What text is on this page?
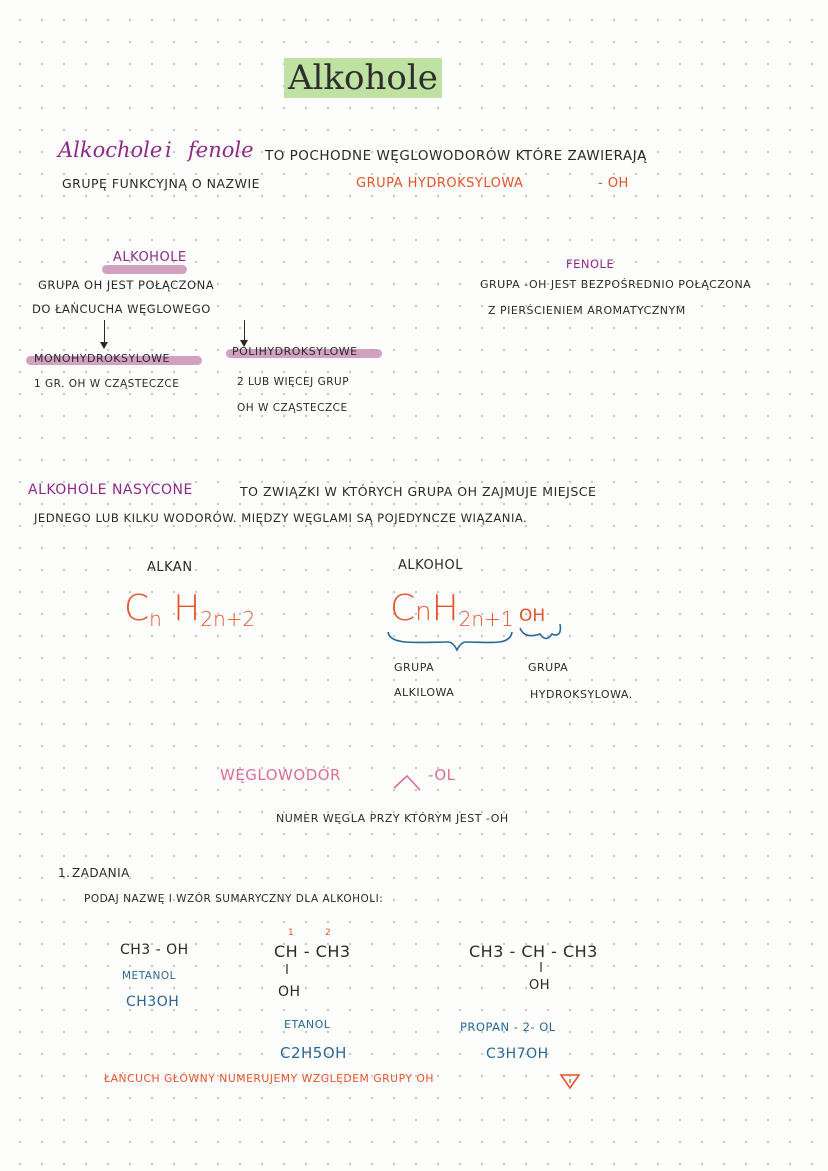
Alkohole
Alkochole i fenole TO POCHODNE WĘGLOWODORÓW KTÓRE ZAWIERAJĄ
GRUPĘ FUNKCYJNĄ O NAZWIE	GRUPA HYDROKSYLOWA	- OH
ALKOHOLE
GRUPA OH JEST POŁĄCZONA
DO ŁAŃCUCHA WĘGLOWEGO
MONOHYDROKSYLOWE
POLIHYDROKSYLOWE
1 GR. OH W CZĄSTECZCE	2 LUB WIĘCEJ GRUP
OH W CZĄSTECZCE
FENOLE
GRUPA -OH JEST BEZPOŚREDNIO POŁĄCZONA
Z PIERŚCIENIEM AROMATYCZNYM
ALKOHOLE NASYCONE	TO ZWIĄZKI W KTÓRYCH GRUPA OH ZAJMUJE MIEJSCE
JEDNEGO LUB KILKU WODORÓW. MIĘDZY WĘGLAMI SĄ POJEDYNCZE WIĄZANIA.
ALKAN
$C_n$ $H_{2n+2}$
ALKOHOL
CnH$_{2n+1}$ OH
GRUPA
ALKILOWA
GRUPA
HYDROKSYLOWA.
WĘGLOWODÓR	-OL
NUMER WĘGLA PRZY KTÓRYM JEST -OH
1. ZADANIA
PODAJ NAZWĘ I WZÓR SUMARYCZNY DLA ALKOHOLI:
CH3 - OH
METANOL
CH3OH
1	2
CH - CH3
OH
ETANOL
C2H5OH
CH3 - CH - CH3
OH
PROPAN - 2- OL
C3H7OH
ŁAŃCUCH GŁÓWNY NUMERUJEMY WZGLĘDEM GRUPY OH
